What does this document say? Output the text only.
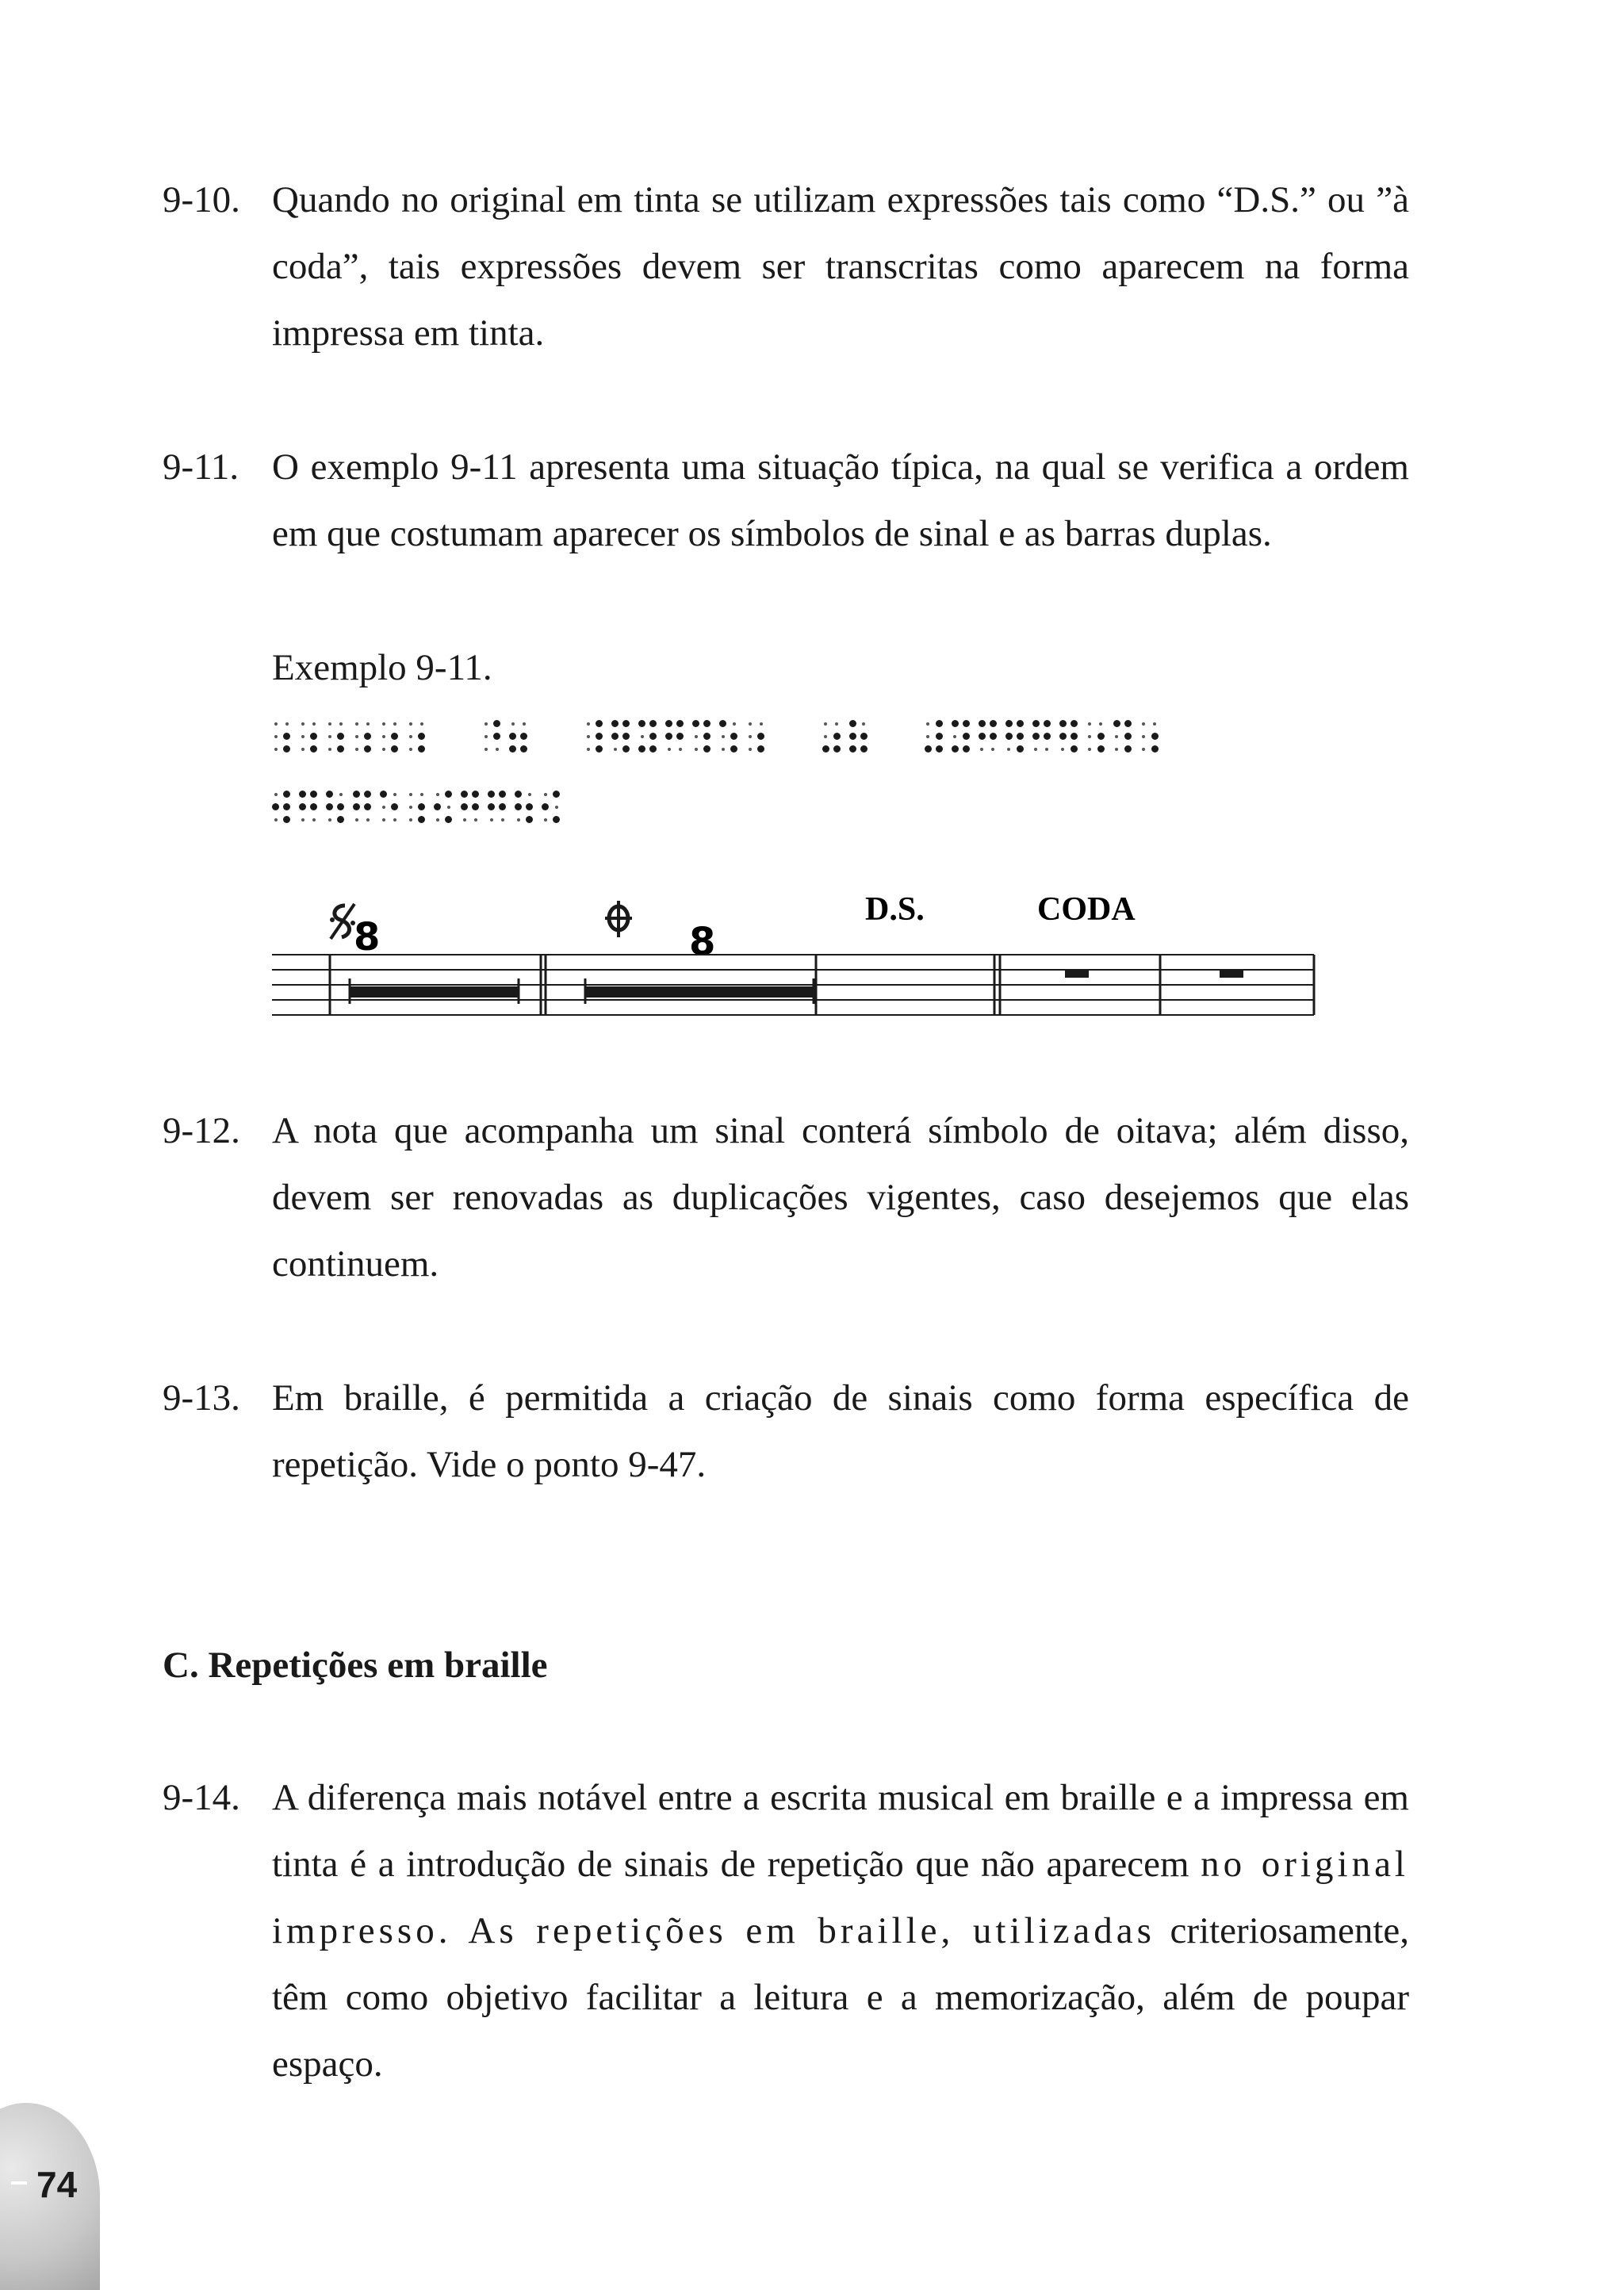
9-10. Quando no original em tinta se utilizam expressões tais como “D.S.” ou ”à coda”, tais expressões devem ser transcritas como aparecem na forma impressa em tinta.
9-11. O exemplo 9-11 apresenta uma situação típica, na qual se verifica a ordem em que costumam aparecer os símbolos de sinal e as barras duplas.
Exemplo 9-11.
8	8
D.S.	CODA
9-12. A nota que acompanha um sinal conterá símbolo de oitava; além disso, devem ser renovadas as duplicações vigentes, caso desejemos que elas continuem.
9-13. Em braille, é permitida a criação de sinais como forma específica de repetição. Vide o ponto 9-47.
C. Repetições em braille
9-14. A diferença mais notável entre a escrita musical em braille e a impressa em tinta é a introdução de sinais de repetição que não aparecem no original impresso. As repetições em braille, utilizadas criteriosamente, têm como objetivo facilitar a leitura e a memorização, além de poupar espaço.
74
